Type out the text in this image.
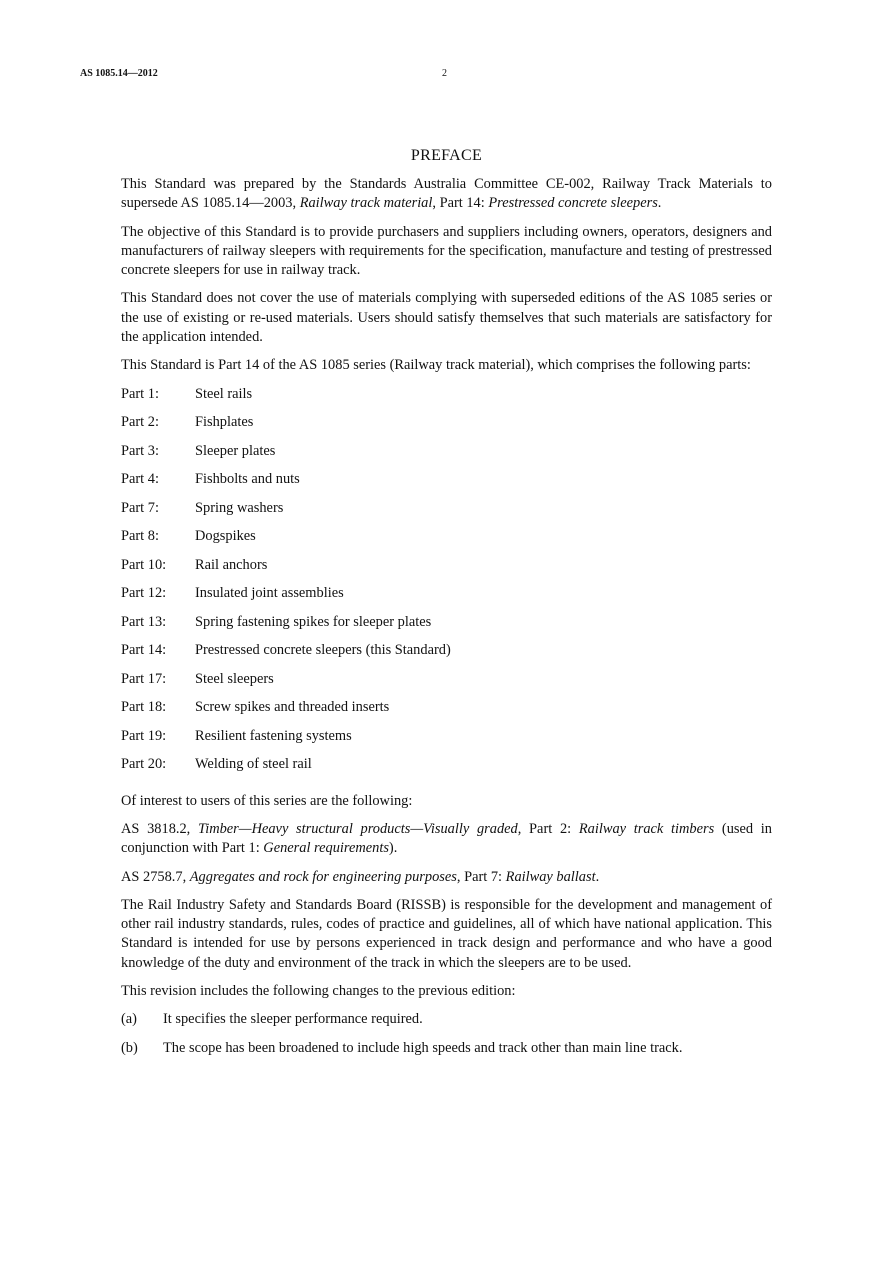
AS 1085.14—2012	2
PREFACE

This Standard was prepared by the Standards Australia Committee CE-002, Railway Track Materials to supersede AS 1085.14—2003, Railway track material, Part 14: Prestressed concrete sleepers.

The objective of this Standard is to provide purchasers and suppliers including owners, operators, designers and manufacturers of railway sleepers with requirements for the specification, manufacture and testing of prestressed concrete sleepers for use in railway track.

This Standard does not cover the use of materials complying with superseded editions of the AS 1085 series or the use of existing or re-used materials. Users should satisfy themselves that such materials are satisfactory for the application intended.

This Standard is Part 14 of the AS 1085 series (Railway track material), which comprises the following parts:

Part 1:	Steel rails
Part 2:	Fishplates
Part 3:	Sleeper plates
Part 4:	Fishbolts and nuts
Part 7:	Spring washers
Part 8:	Dogspikes
Part 10:	Rail anchors
Part 12:	Insulated joint assemblies
Part 13:	Spring fastening spikes for sleeper plates
Part 14:	Prestressed concrete sleepers (this Standard)
Part 17:	Steel sleepers
Part 18:	Screw spikes and threaded inserts
Part 19:	Resilient fastening systems
Part 20:	Welding of steel rail

Of interest to users of this series are the following:

AS 3818.2, Timber—Heavy structural products—Visually graded, Part 2: Railway track timbers (used in conjunction with Part 1: General requirements).

AS 2758.7, Aggregates and rock for engineering purposes, Part 7: Railway ballast.

The Rail Industry Safety and Standards Board (RISSB) is responsible for the development and management of other rail industry standards, rules, codes of practice and guidelines, all of which have national application. This Standard is intended for use by persons experienced in track design and performance and who have a good knowledge of the duty and environment of the track in which the sleepers are to be used.

This revision includes the following changes to the previous edition:

(a)	It specifies the sleeper performance required.
(b)	The scope has been broadened to include high speeds and track other than main line track.
